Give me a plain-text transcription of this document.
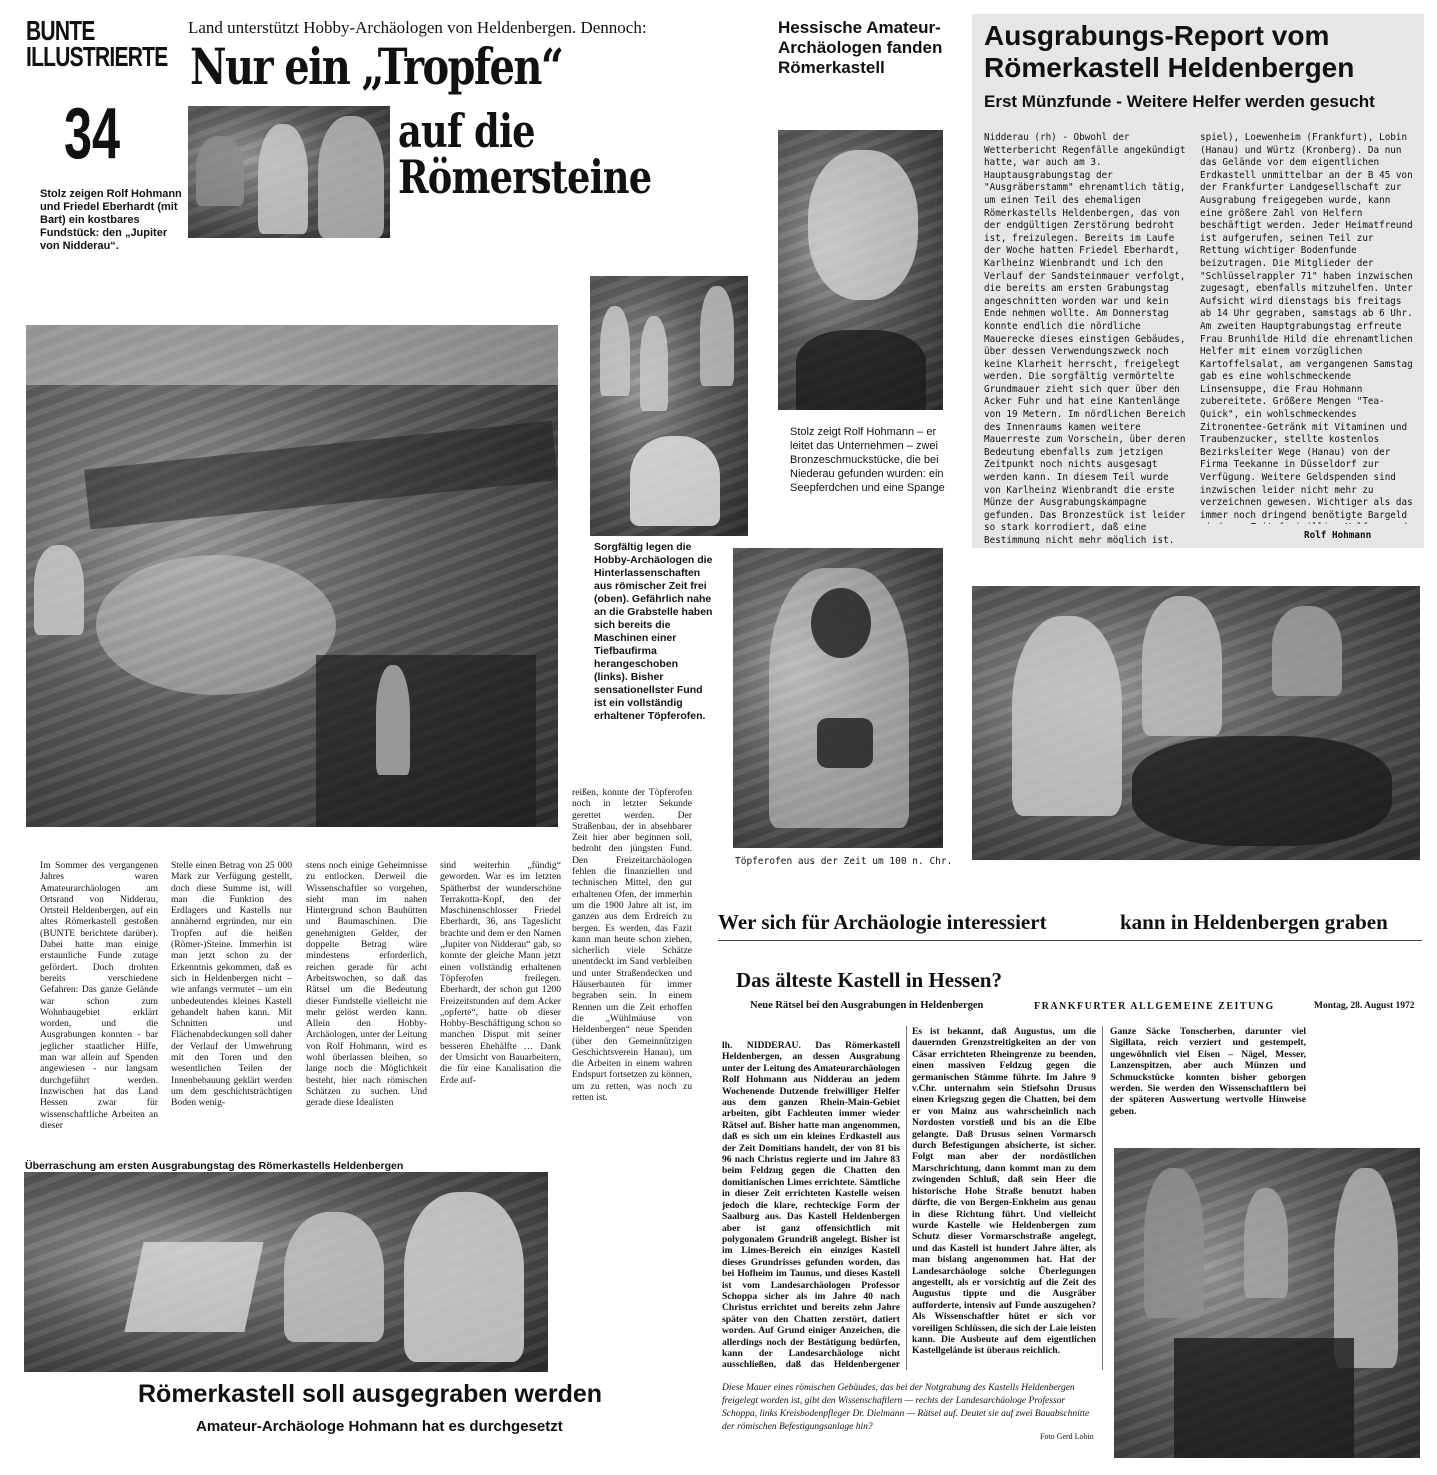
BUNTE
ILLUSTRIERTE
34
Stolz zeigen Rolf Hohmann und Friedel Eberhardt (mit Bart) ein kostbares Fundstück: den „Jupiter von Nidderau“.
Land unterstützt Hobby-Archäologen von Heldenbergen. Dennoch:
Nur ein „Tropfen“
auf die
Römersteine
Im Sommer des vergangenen Jahres waren Amateurarchäologen am Ortsrand von Nidderau, Ortsteil Heldenbergen, auf ein altes Römerkastell gestoßen (BUNTE berichtete darüber). Dabei hatte man einige erstaunliche Funde zutage gefördert. Doch drohten bereits verschiedene Gefahren: Das ganze Gelände war schon zum Wohnbaugebiet erklärt worden, und die Ausgrabungen konnten - bar jeglicher staatlicher Hilfe, man war allein auf Spenden angewiesen - nur langsam durchgeführt werden. Inzwischen hat das Land Hessen zwar für wissenschaftliche Arbeiten an dieser
Stelle einen Betrag von 25 000 Mark zur Verfügung gestellt, doch diese Summe ist, will man die Funktion des Erdlagers und Kastells nur annähernd ergründen, nur ein Tropfen auf die heißen (Römer-)Steine. Immerhin ist man jetzt schon zu der Erkenntnis gekommen, daß es sich in Heldenbergen nicht – wie anfangs vermutet – um ein unbedeutendes kleines Kastell gehandelt haben kann. Mit Schnitten und Flächenabdeckungen soll daher der Verlauf der Umwehrung mit den Toren und den wesentlichen Teilen der Innenbebauung geklärt werden um dem geschichtsträchtigen Boden wenig-
stens noch einige Geheimnisse zu entlocken. Derweil die Wissenschaftler so vorgehen, sieht man im nahen Hintergrund schon Bauhütten und Baumaschinen. Die genehmigten Gelder, der doppelte Betrag wäre mindestens erforderlich, reichen gerade für acht Arbeitswochen, so daß das Rätsel um die Bedeutung dieser Fundstelle vielleicht nie mehr gelöst werden kann. Allein den Hobby-Archäologen, unter der Leitung von Rolf Hohmann, wird es wohl überlassen bleiben, so lange noch die Möglichkeit besteht, hier nach römischen Schätzen zu suchen. Und gerade diese Idealisten
sind weiterhin „fündig“ geworden. War es im letzten Spätherbst der wunderschöne Terrakotta-Kopf, den der Maschinenschlosser Friedel Eberhardt, 36, ans Tageslicht brachte und dem er den Namen „Jupiter von Nidderau“ gab, so konnte der gleiche Mann jetzt einen vollständig erhaltenen Töpferofen freilegen. Eberhardt, der schon gut 1200 Freizeitstunden auf dem Acker „opferte“, hatte ob dieser Hobby-Beschäftigung schon so manchen Disput mit seiner besseren Ehehälfte … Dank der Umsicht von Bauarbeitern, die für eine Kanalisation die Erde auf-
reißen, konnte der Töpferofen noch in letzter Sekunde gerettet werden. Der Straßenbau, der in absehbarer Zeit hier aber beginnen soll, bedroht den jüngsten Fund. Den Freizeitarchäologen fehlen die finanziellen und technischen Mittel, den gut erhaltenen Ofen, der immerhin um die 1900 Jahre alt ist, im ganzen aus dem Erdreich zu bergen. Es werden, das Fazit kann man heute schon ziehen, sicherlich viele Schätze unentdeckt im Sand verbleiben und unter Straßendecken und Häuserbauten für immer begraben sein. In einem Rennen um die Zeit erhoffen die „Wühlmäuse von Heldenbergen“ neue Spenden (über den Gemeinnützigen Geschichtsverein Hanau), um die Arbeiten in einem wahren Endspurt fortsetzen zu können, um zu retten, was noch zu retten ist.
Sorgfältig legen die Hobby-Archäologen die Hinterlassenschaften aus römischer Zeit frei (oben). Gefährlich nahe an die Grabstelle haben sich bereits die Maschinen einer Tiefbaufirma herangeschoben (links). Bisher sensationellster Fund ist ein vollständig erhaltener Töpferofen.
Töpferofen aus der Zeit um 100 n. Chr.
Hessische Amateur-Archäologen fanden Römerkastell
Stolz zeigt Rolf Hohmann – er leitet das Unternehmen – zwei Bronzeschmuckstücke, die bei Niederau gefunden wurden: ein Seepferdchen und eine Spange
Ausgrabungs-Report vom Römerkastell Heldenbergen
Erst Münzfunde - Weitere Helfer werden gesucht
Nidderau (rh) - Obwohl der Wetterbericht Regenfälle angekündigt hatte, war auch am 3. Hauptausgrabungstag der "Ausgräberstamm" ehrenamtlich tätig, um einen Teil des ehemaligen Römerkastells Heldenbergen, das von der endgültigen Zerstörung bedroht ist, freizulegen. Bereits im Laufe der Woche hatten Friedel Eberhardt, Karlheinz Wienbrandt und ich den Verlauf der Sandsteinmauer verfolgt, die bereits am ersten Grabungstag angeschnitten worden war und kein Ende nehmen wollte. Am Donnerstag konnte endlich die nördliche Mauerecke dieses einstigen Gebäudes, über dessen Verwendungszweck noch keine Klarheit herrscht, freigelegt werden. Die sorgfältig vermörtelte Grundmauer zieht sich quer über den Acker Fuhr und hat eine Kantenlänge von 19 Metern. Im nördlichen Bereich des Innenraums kamen weitere Mauerreste zum Vorschein, über deren Bedeutung ebenfalls zum jetzigen Zeitpunkt noch nichts ausgesagt werden kann. In diesem Teil wurde von Karlheinz Wienbrandt die erste Münze der Ausgrabungskampagne gefunden. Das Bronzestück ist leider so stark korrodiert, daß eine Bestimmung nicht mehr möglich ist.
spiel), Loewenheim (Frankfurt), Lobin (Hanau) und Würtz (Kronberg). Da nun das Gelände vor dem eigentlichen Erdkastell unmittelbar an der B 45 von der Frankfurter Landgesellschaft zur Ausgrabung freigegeben wurde, kann eine größere Zahl von Helfern beschäftigt werden. Jeder Heimatfreund ist aufgerufen, seinen Teil zur Rettung wichtiger Bodenfunde beizutragen. Die Mitglieder der "Schlüsselrappler 71" haben inzwischen zugesagt, ebenfalls mitzuhelfen. Unter Aufsicht wird dienstags bis freitags ab 14 Uhr gegraben, samstags ab 6 Uhr. Am zweiten Hauptgrabungstag erfreute Frau Brunhilde Hild die ehrenamtlichen Helfer mit einem vorzüglichen Kartoffelsalat, am vergangenen Samstag gab es eine wohlschmeckende Linsensuppe, die Frau Hohmann zubereitete. Größere Mengen "Tea-Quick", ein wohlschmeckendes Zitronentee-Getränk mit Vitaminen und Traubenzucker, stellte kostenlos Bezirksleiter Wege (Hanau) von der Firma Teekanne in Düsseldorf zur Verfügung. Weitere Geldspenden sind inzwischen leider nicht mehr zu verzeichnen gewesen. Wichtiger als das immer noch dringend benötigte Bargeld
Rolf Hohmann
Wer sich für Archäologie interessiert	kann in Heldenbergen graben
Das älteste Kastell in Hessen?
Neue Rätsel bei den Ausgrabungen in Heldenbergen	FRANKFURTER ALLGEMEINE ZEITUNG	Montag, 28. August 1972
lh. NIDDERAU. Das Römerkastell Heldenbergen, an dessen Ausgrabung unter der Leitung des Amateurarchäologen Rolf Hohmann aus Nidderau an jedem Wochenende Dutzende freiwilliger Helfer aus dem ganzen Rhein-Main-Gebiet arbeiten, gibt Fachleuten immer wieder Rätsel auf. Bisher hatte man angenommen, daß es sich um ein kleines Erdkastell aus der Zeit Domitians handelt, der von 81 bis 96 nach Christus regierte und im Jahre 83 beim Feldzug gegen die Chatten den domitianischen Limes errichtete. Sämtliche in dieser Zeit errichteten Kastelle weisen jedoch die klare, rechteckige Form der Saalburg aus. Das Kastell Heldenbergen aber ist ganz offensichtlich mit polygonalem Grundriß angelegt. Bisher ist im Limes-Bereich ein einziges Kastell dieses Grundrisses gefunden worden, das bei Hofheim im Taunus, und dieses Kastell ist vom Landesarchäologen Professor Schoppa sicher als im Jahre 40 nach Christus errichtet und bereits zehn Jahre später von den Chatten zerstört, datiert worden. Auf Grund einiger Anzeichen, die allerdings noch der Bestätigung bedürfen, kann der Landesarchäologe nicht ausschließen, daß das Heldenbergener
Es ist bekannt, daß Augustus, um die dauernden Grenzstreitigkeiten an der von Cäsar errichteten Rheingrenze zu beenden, einen massiven Feldzug gegen die germanischen Stämme führte. Im Jahre 9 v.Chr. unternahm sein Stiefsohn Drusus einen Kriegszug gegen die Chatten, bei dem er von Mainz aus wahrscheinlich nach Nordosten vorstieß und bis an die Elbe gelangte. Daß Drusus seinen Vormarsch durch Befestigungen absicherte, ist sicher. Folgt man aber der nordöstlichen Marschrichtung, dann kommt man zu dem zwingenden Schluß, daß sein Heer die historische Hohe Straße benutzt haben dürfte, die von Bergen-Enkheim aus genau in diese Richtung führt. Und vielleicht wurde Kastelle wie Heldenbergen zum Schutz dieser Vormarschstraße angelegt, und das Kastell ist hundert Jahre älter, als man bislang angenommen hat. Hat der Landesarchäologe solche Überlegungen angestellt, als er vorsichtig auf die Zeit des Augustus tippte und die Ausgräber aufforderte, intensiv auf Funde auszugehen? Als Wissenschaftler hütet er sich vor voreiligen Schlüssen, die sich der Laie leisten kann. Die Ausbeute auf dem eigentlichen Kastellgelände ist überaus reichlich.
Ganze Säcke Tonscherben, darunter viel Sigillata, reich verziert und gestempelt, ungewöhnlich viel Eisen – Nägel, Messer, Lanzenspitzen, aber auch Münzen und Schmuckstücke konnten bisher geborgen werden. Sie werden den Wissenschaftlern bei der späteren Auswertung wertvolle Hinweise geben.
Diese Mauer eines römischen Gebäudes, das bei der Notgrabung des Kastells Heldenbergen freigelegt worden ist, gibt den Wissenschaftlern — rechts der Landesarchäologe Professor Schoppa, links Kreisbodenpfleger Dr. Dielmann — Rätsel auf. Deutet sie auf zwei Bauabschnitte der römischen Befestigungsanlage hin?
Foto Gerd Lobin
Überraschung am ersten Ausgrabungstag des Römerkastells Heldenbergen
Römerkastell soll ausgegraben werden
Amateur-Archäologe Hohmann hat es durchgesetzt
